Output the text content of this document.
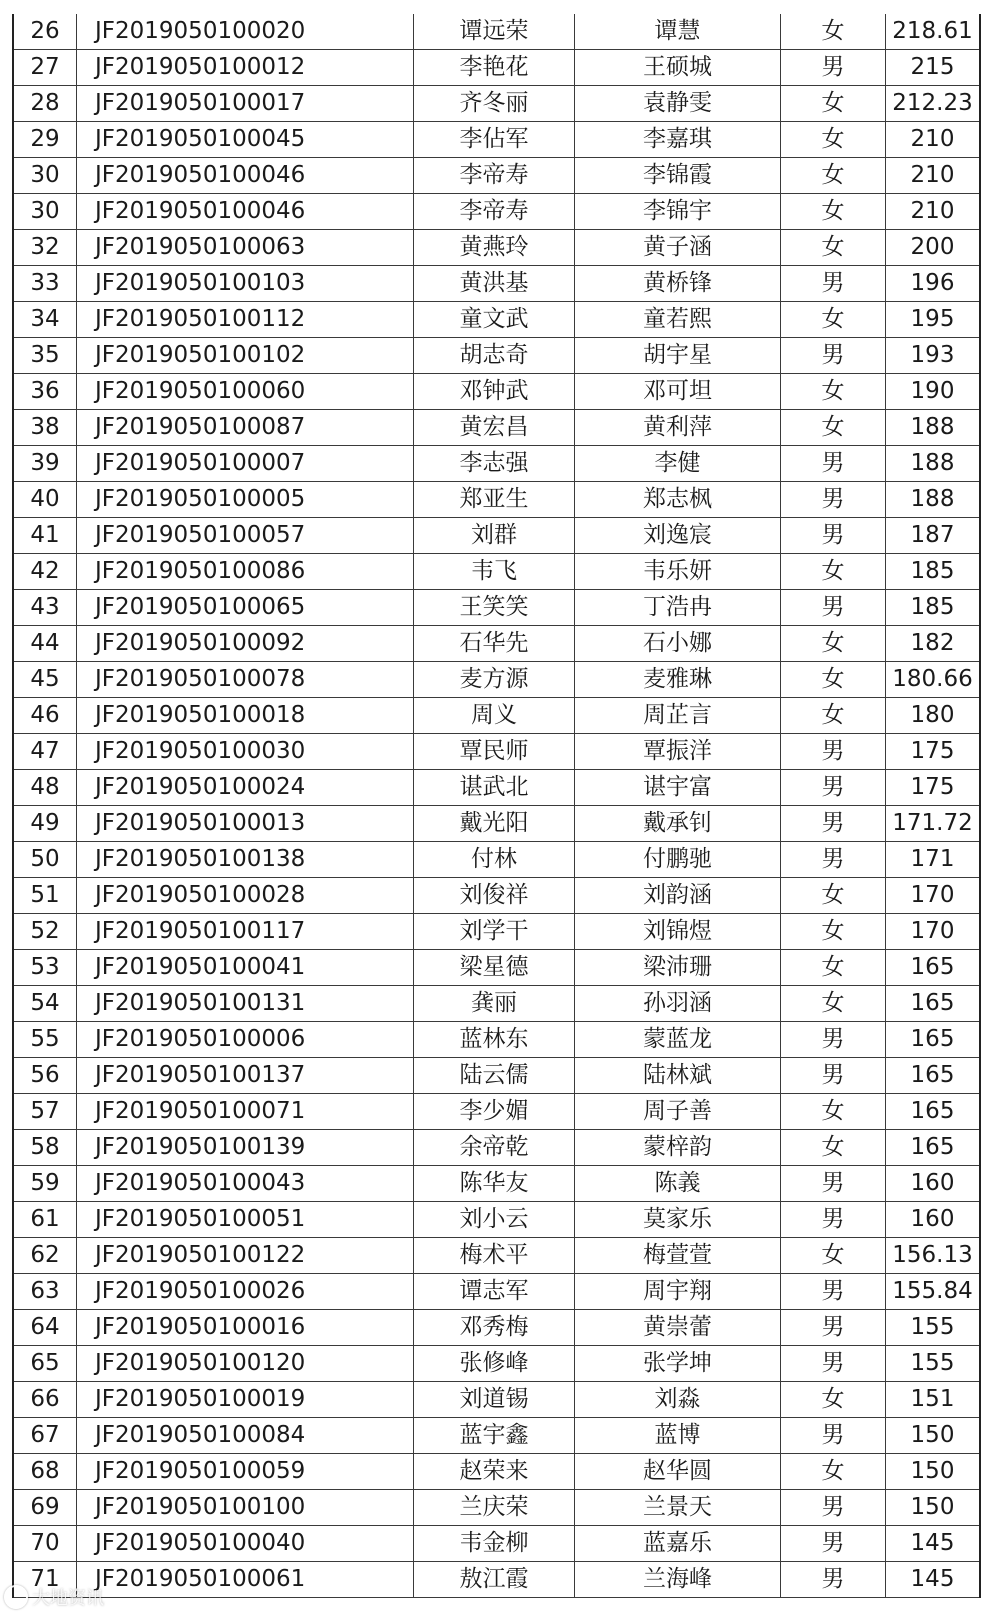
26	JF2019050100020	谭远荣	谭慧	女	218.61
27	JF2019050100012	李艳花	王硕城	男	215
28	JF2019050100017	齐冬丽	袁静雯	女	212.23
29	JF2019050100045	李佔军	李嘉琪	女	210
30	JF2019050100046	李帝寿	李锦霞	女	210
30	JF2019050100046	李帝寿	李锦宇	女	210
32	JF2019050100063	黄燕玲	黄子涵	女	200
33	JF2019050100103	黄洪基	黄桥锋	男	196
34	JF2019050100112	童文武	童若熙	女	195
35	JF2019050100102	胡志奇	胡宇星	男	193
36	JF2019050100060	邓钟武	邓可坦	女	190
38	JF2019050100087	黄宏昌	黄利萍	女	188
39	JF2019050100007	李志强	李健	男	188
40	JF2019050100005	郑亚生	郑志枫	男	188
41	JF2019050100057	刘群	刘逸宸	男	187
42	JF2019050100086	韦飞	韦乐妍	女	185
43	JF2019050100065	王笑笑	丁浩冉	男	185
44	JF2019050100092	石华先	石小娜	女	182
45	JF2019050100078	麦方源	麦雅琳	女	180.66
46	JF2019050100018	周义	周芷言	女	180
47	JF2019050100030	覃民师	覃振洋	男	175
48	JF2019050100024	谌武北	谌宇富	男	175
49	JF2019050100013	戴光阳	戴承钊	男	171.72
50	JF2019050100138	付林	付鹏驰	男	171
51	JF2019050100028	刘俊祥	刘韵涵	女	170
52	JF2019050100117	刘学干	刘锦煜	女	170
53	JF2019050100041	梁星德	梁沛珊	女	165
54	JF2019050100131	龚丽	孙羽涵	女	165
55	JF2019050100006	蓝林东	蒙蓝龙	男	165
56	JF2019050100137	陆云儒	陆林斌	男	165
57	JF2019050100071	李少媚	周子善	女	165
58	JF2019050100139	余帝乾	蒙梓韵	女	165
59	JF2019050100043	陈华友	陈義	男	160
61	JF2019050100051	刘小云	莫家乐	男	160
62	JF2019050100122	梅术平	梅萱萱	女	156.13
63	JF2019050100026	谭志军	周宇翔	男	155.84
64	JF2019050100016	邓秀梅	黄崇蕾	男	155
65	JF2019050100120	张修峰	张学坤	男	155
66	JF2019050100019	刘道锡	刘淼	女	151
67	JF2019050100084	蓝宇鑫	蓝博	男	150
68	JF2019050100059	赵荣来	赵华圆	女	150
69	JF2019050100100	兰庆荣	兰景天	男	150
70	JF2019050100040	韦金柳	蓝嘉乐	男	145
71	JF2019050100061	敖江霞	兰海峰	男	145
大地资讯
